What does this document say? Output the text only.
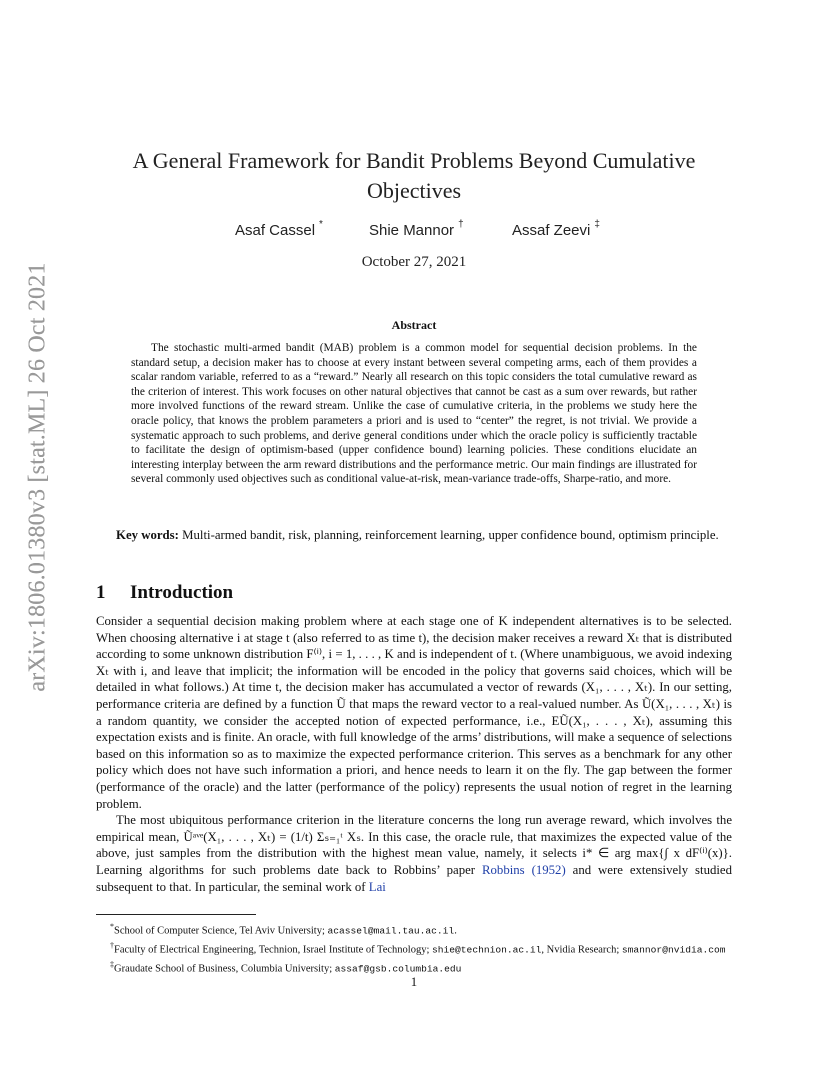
arXiv:1806.01380v3 [stat.ML] 26 Oct 2021
A General Framework for Bandit Problems Beyond Cumulative Objectives
Asaf Cassel *	Shie Mannor †	Assaf Zeevi ‡
October 27, 2021
Abstract
The stochastic multi-armed bandit (MAB) problem is a common model for sequential decision problems. In the standard setup, a decision maker has to choose at every instant between several competing arms, each of them provides a scalar random variable, referred to as a “reward.” Nearly all research on this topic considers the total cumulative reward as the criterion of interest. This work focuses on other natural objectives that cannot be cast as a sum over rewards, but rather more involved functions of the reward stream. Unlike the case of cumulative criteria, in the problems we study here the oracle policy, that knows the problem parameters a priori and is used to “center” the regret, is not trivial. We provide a systematic approach to such problems, and derive general conditions under which the oracle policy is sufficiently tractable to facilitate the design of optimism-based (upper confidence bound) learning policies. These conditions elucidate an interesting interplay between the arm reward distributions and the performance metric. Our main findings are illustrated for several commonly used objectives such as conditional value-at-risk, mean-variance trade-offs, Sharpe-ratio, and more.
Key words: Multi-armed bandit, risk, planning, reinforcement learning, upper confidence bound, optimism principle.
1 Introduction

Consider a sequential decision making problem where at each stage one of K independent alternatives is to be selected. When choosing alternative i at stage t (also referred to as time t), the decision maker receives a reward Xₜ that is distributed according to some unknown distribution F⁽ⁱ⁾, i = 1, . . . , K and is independent of t. (Where unambiguous, we avoid indexing Xₜ with i, and leave that implicit; the information will be encoded in the policy that governs said choices, which will be detailed in what follows.) At time t, the decision maker has accumulated a vector of rewards (X₁, . . . , Xₜ). In our setting, performance criteria are defined by a function Ũ that maps the reward vector to a real-valued number. As Ũ(X₁, . . . , Xₜ) is a random quantity, we consider the accepted notion of expected performance, i.e., EŨ(X₁, . . . , Xₜ), assuming this expectation exists and is finite. An oracle, with full knowledge of the arms’ distributions, will make a sequence of selections based on this information so as to maximize the expected performance criterion. This serves as a benchmark for any other policy which does not have such information a priori, and hence needs to learn it on the fly. The gap between the former (performance of the oracle) and the latter (performance of the policy) represents the usual notion of regret in the learning problem.

The most ubiquitous performance criterion in the literature concerns the long run average reward, which involves the empirical mean, Ũᵃᵛᵉ(X₁, . . . , Xₜ) = (1/t) Σₛ₌₁ᵗ Xₛ. In this case, the oracle rule, that maximizes the expected value of the above, just samples from the distribution with the highest mean value, namely, it selects i* ∈ arg max{∫ x dF⁽ⁱ⁾(x)}. Learning algorithms for such problems date back to Robbins’ paper Robbins (1952) and were extensively studied subsequent to that. In particular, the seminal work of Lai

*School of Computer Science, Tel Aviv University; acassel@mail.tau.ac.il.

†Faculty of Electrical Engineering, Technion, Israel Institute of Technology; shie@technion.ac.il, Nvidia Research; smannor@nvidia.com

‡Graudate School of Business, Columbia University; assaf@gsb.columbia.edu

1
